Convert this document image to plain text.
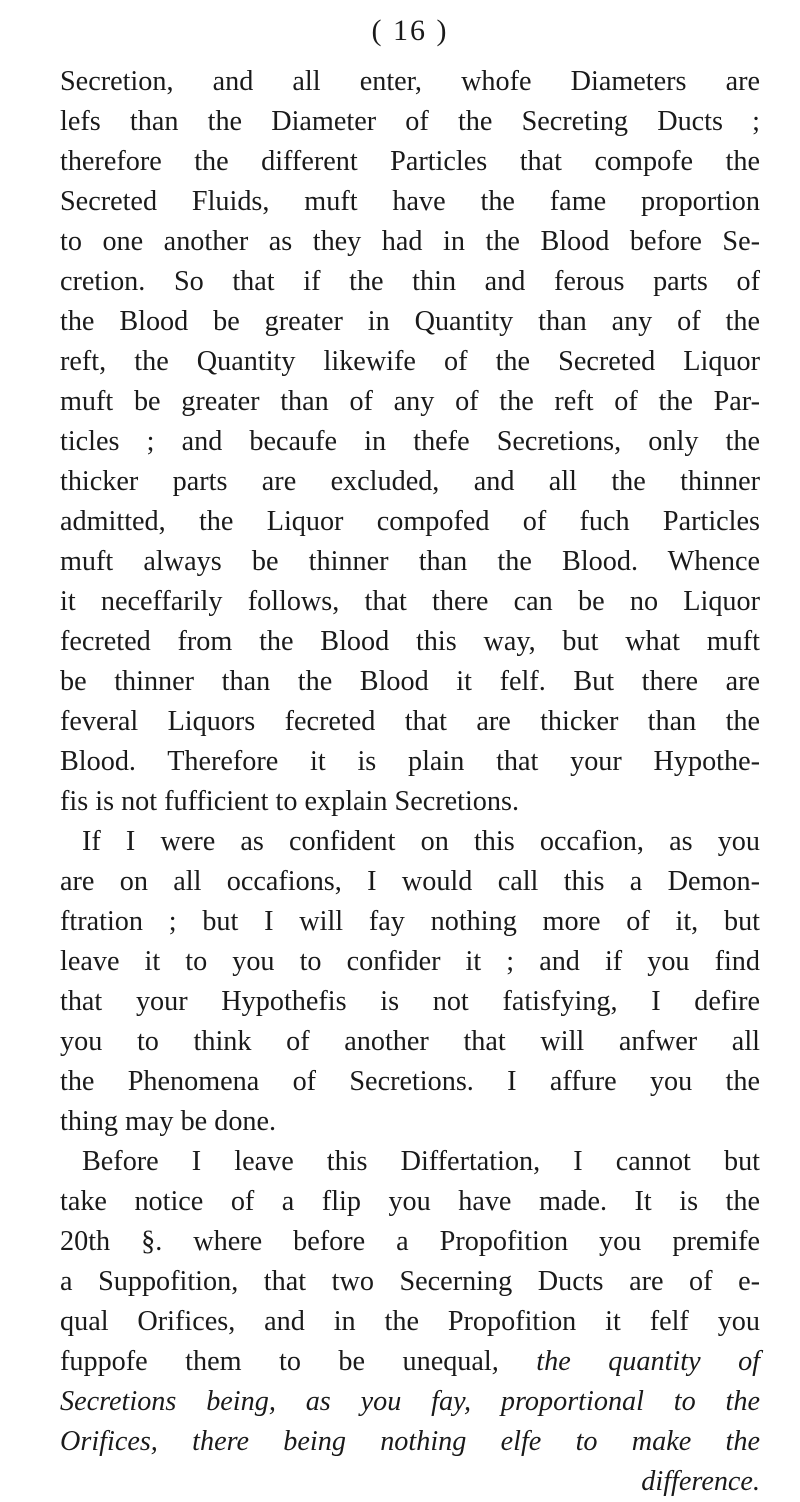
( 16 )
Secretion, and all enter, whofe Diameters are
lefs than the Diameter of the Secreting Ducts ;
therefore the different Particles that compofe the
Secreted Fluids, muft have the fame proportion
to one another as they had in the Blood before Se-
cretion. So that if the thin and ferous parts of
the Blood be greater in Quantity than any of the
reft, the Quantity likewife of the Secreted Liquor
muft be greater than of any of the reft of the Par-
ticles ; and becaufe in thefe Secretions, only the
thicker parts are excluded, and all the thinner
admitted, the Liquor compofed of fuch Particles
muft always be thinner than the Blood. Whence
it neceffarily follows, that there can be no Liquor
fecreted from the Blood this way, but what muft
be thinner than the Blood it felf. But there are
feveral Liquors fecreted that are thicker than the
Blood. Therefore it is plain that your Hypothe-
fis is not fufficient to explain Secretions.
If I were as confident on this occafion, as you
are on all occafions, I would call this a Demon-
ftration ; but I will fay nothing more of it, but
leave it to you to confider it ; and if you find
that your Hypothefis is not fatisfying, I defire
you to think of another that will anfwer all
the Phenomena of Secretions. I affure you the
thing may be done.
Before I leave this Differtation, I cannot but
take notice of a flip you have made. It is the
20th §. where before a Propofition you premife
a Suppofition, that two Secerning Ducts are of e-
qual Orifices, and in the Propofition it felf you
fuppofe them to be unequal, the quantity of
Secretions being, as you fay, proportional to the
Orifices, there being nothing elfe to make the
difference.
